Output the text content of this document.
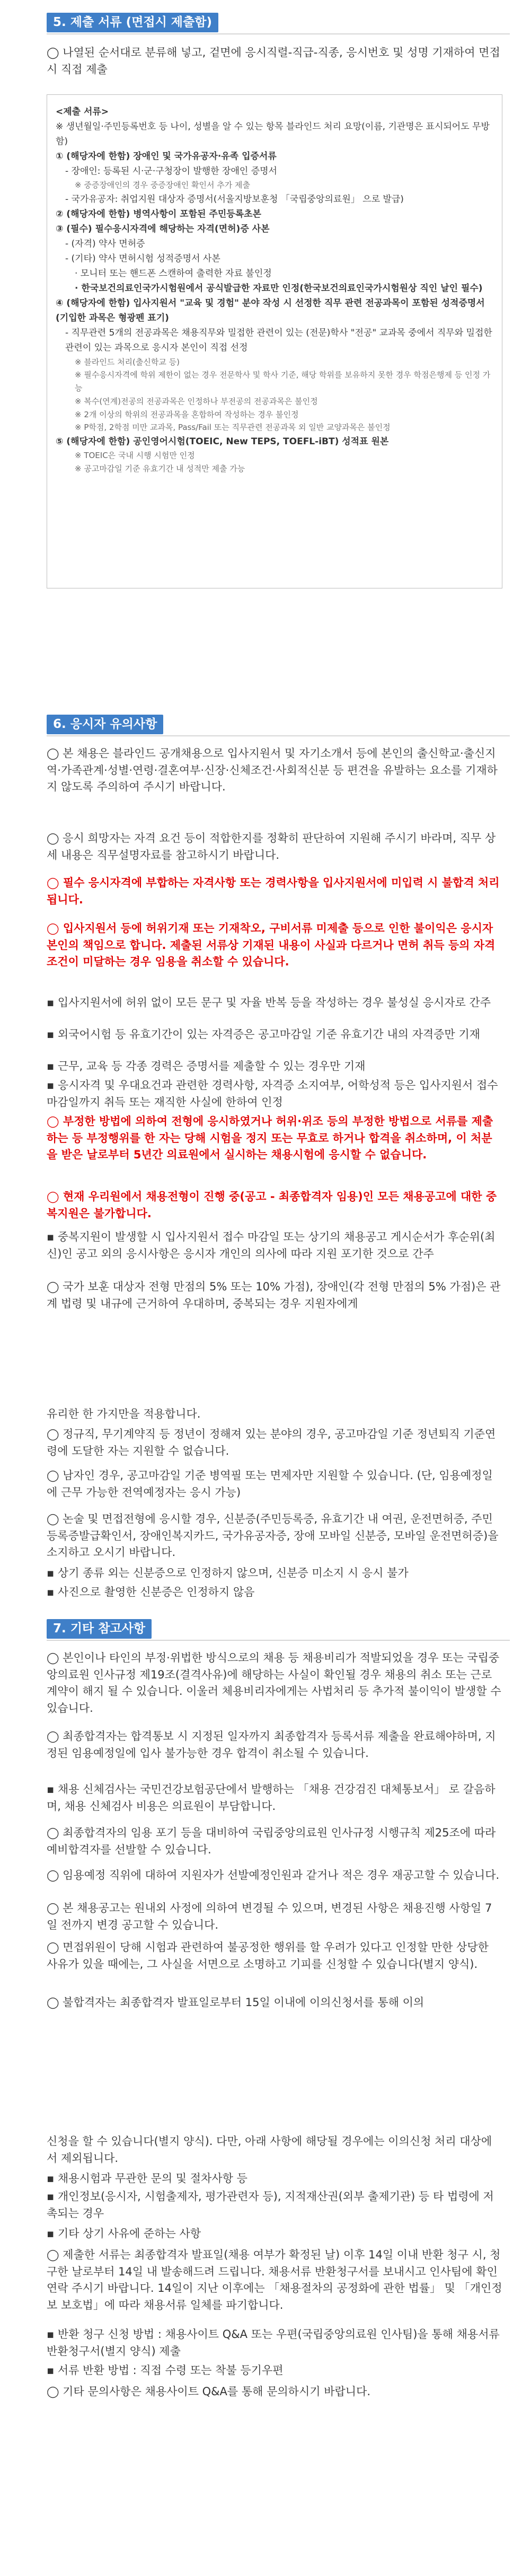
5. 제출 서류 (면접시 제출함)
◯ 나열된 순서대로 분류해 넣고, 겉면에 응시직렬-직급-직종, 응시번호 및 성명 기재하여 면접 시 직접 제출
<제출 서류>
※ 생년월일·주민등록번호 등 나이, 성별을 알 수 있는 항목 블라인드 처리 요망(이름, 기관명은 표시되어도 무방함)
① (해당자에 한함) 장애인 및 국가유공자·유족 입증서류
- 장애인: 등록된 시·군·구청장이 발행한 장애인 증명서
※ 중증장애인의 경우 중증장애인 확인서 추가 제출
- 국가유공자: 취업지원 대상자 증명서(서울지방보훈청 「국립중앙의료원」 으로 발급)
② (해당자에 한함) 병역사항이 포함된 주민등록초본
③ (필수) 필수응시자격에 해당하는 자격(면허)증 사본
- (자격) 약사 면허증
- (기타) 약사 면허시험 성적증명서 사본
· 모니터 또는 핸드폰 스캔하여 출력한 자료 불인정
· 한국보건의료인국가시험원에서 공식발급한 자료만 인정(한국보건의료인국가시험원상 직인 날인 필수)
④ (해당자에 한함) 입사지원서 "교육 및 경험" 분야 작성 시 선정한 직무 관련 전공과목이 포함된 성적증명서(기입한 과목은 형광펜 표기)
- 직무관련 5개의 전공과목은 채용직무와 밀접한 관련이 있는 (전문)학사 "전공" 교과목 중에서 직무와 밀접한 관련이 있는 과목으로 응시자 본인이 직접 선정
※ 블라인드 처리(출신학교 등)
※ 필수응시자격에 학위 제한이 없는 경우 전문학사 및 학사 기준, 해당 학위를 보유하지 못한 경우 학점은행제 등 인정 가능
※ 복수(연계)전공의 전공과목은 인정하나 부전공의 전공과목은 불인정
※ 2개 이상의 학위의 전공과목을 혼합하여 작성하는 경우 불인정
※ P학점, 2학점 미만 교과목, Pass/Fail 또는 직무관련 전공과목 외 일반 교양과목은 불인정
⑤ (해당자에 한함) 공인영어시험(TOEIC, New TEPS, TOEFL-iBT) 성적표 원본
※ TOEIC은 국내 시행 시험만 인정
※ 공고마감일 기준 유효기간 내 성적만 제출 가능
6. 응시자 유의사항
◯ 본 채용은 블라인드 공개채용으로 입사지원서 및 자기소개서 등에 본인의 출신학교·출신지역·가족관계·성별·연령·결혼여부·신장·신체조건·사회적신분 등 편견을 유발하는 요소를 기재하지 않도록 주의하여 주시기 바랍니다.
◯ 응시 희망자는 자격 요건 등이 적합한지를 정확히 판단하여 지원해 주시기 바라며, 직무 상세 내용은 직무설명자료를 참고하시기 바랍니다.
◯ 필수 응시자격에 부합하는 자격사항 또는 경력사항을 입사지원서에 미입력 시 불합격 처리됩니다.
◯ 입사지원서 등에 허위기재 또는 기재착오, 구비서류 미제출 등으로 인한 불이익은 응시자 본인의 책임으로 합니다. 제출된 서류상 기재된 내용이 사실과 다르거나 면허 취득 등의 자격 조건이 미달하는 경우 임용을 취소할 수 있습니다.
▪ 입사지원서에 허위 없이 모든 문구 및 자율 반복 등을 작성하는 경우 불성실 응시자로 간주
▪ 외국어시험 등 유효기간이 있는 자격증은 공고마감일 기준 유효기간 내의 자격증만 기재
▪ 근무, 교육 등 각종 경력은 증명서를 제출할 수 있는 경우만 기재
▪ 응시자격 및 우대요건과 관련한 경력사항, 자격증 소지여부, 어학성적 등은 입사지원서 접수마감일까지 취득 또는 재직한 사실에 한하여 인정
◯ 부정한 방법에 의하여 전형에 응시하였거나 허위·위조 등의 부정한 방법으로 서류를 제출하는 등 부정행위를 한 자는 당해 시험을 정지 또는 무효로 하거나 합격을 취소하며, 이 처분을 받은 날로부터 5년간 의료원에서 실시하는 채용시험에 응시할 수 없습니다.
◯ 현재 우리원에서 채용전형이 진행 중(공고 - 최종합격자 임용)인 모든 채용공고에 대한 중복지원은 불가합니다.
▪ 중복지원이 발생할 시 입사지원서 접수 마감일 또는 상기의 채용공고 게시순서가 후순위(최신)인 공고 외의 응시사항은 응시자 개인의 의사에 따라 지원 포기한 것으로 간주
◯ 국가 보훈 대상자 전형 만점의 5% 또는 10% 가점), 장애인(각 전형 만점의 5% 가점)은 관계 법령 및 내규에 근거하여 우대하며, 중복되는 경우 지원자에게
유리한 한 가지만을 적용합니다.
◯ 정규직, 무기계약직 등 정년이 정해져 있는 분야의 경우, 공고마감일 기준 정년퇴직 기준연령에 도달한 자는 지원할 수 없습니다.
◯ 남자인 경우, 공고마감일 기준 병역필 또는 면제자만 지원할 수 있습니다. (단, 임용예정일에 근무 가능한 전역예정자는 응시 가능)
◯ 논술 및 면접전형에 응시할 경우, 신분증(주민등록증, 유효기간 내 여권, 운전면허증, 주민등록증발급확인서, 장애인복지카드, 국가유공자증, 장애 모바일 신분증, 모바일 운전면허증)을 소지하고 오시기 바랍니다.
▪ 상기 종류 외는 신분증으로 인정하지 않으며, 신분증 미소지 시 응시 불가
▪ 사진으로 촬영한 신분증은 인정하지 않음
7. 기타 참고사항
◯ 본인이나 타인의 부정·위법한 방식으로의 채용 등 채용비리가 적발되었을 경우 또는 국립중앙의료원 인사규정 제19조(결격사유)에 해당하는 사실이 확인될 경우 채용의 취소 또는 근로계약이 해지 될 수 있습니다. 이울러 체용비리자에게는 사법처리 등 추가적 불이익이 발생할 수 있습니다.
◯ 최종합격자는 합격통보 시 지정된 일자까지 최종합격자 등록서류 제출을 완료해야하며, 지정된 임용예정일에 입사 불가능한 경우 합격이 취소될 수 있습니다.
▪ 채용 신체검사는 국민건강보험공단에서 발행하는 「채용 건강검진 대체통보서」 로 갈음하며, 채용 신체검사 비용은 의료원이 부담합니다.
◯ 최종합격자의 임용 포기 등을 대비하여 국립중앙의료원 인사규정 시행규칙 제25조에 따라 예비합격자를 선발할 수 있습니다.
◯ 임용예정 직위에 대하여 지원자가 선발예정인원과 같거나 적은 경우 재공고할 수 있습니다.
◯ 본 채용공고는 원내외 사정에 의하여 변경될 수 있으며, 변경된 사항은 채용진행 사항일 7일 전까지 변경 공고할 수 있습니다.
◯ 면접위원이 당해 시험과 관련하여 불공정한 행위를 할 우려가 있다고 인정할 만한 상당한 사유가 있을 때에는, 그 사실을 서면으로 소명하고 기피를 신청할 수 있습니다(별지 양식).
◯ 불합격자는 최종합격자 발표일로부터 15일 이내에 이의신청서를 통해 이의
신청을 할 수 있습니다(별지 양식). 다만, 아래 사항에 해당될 경우에는 이의신청 처리 대상에서 제외됩니다.
▪ 채용시험과 무관한 문의 및 절차사항 등
▪ 개인정보(응시자, 시험출제자, 평가관련자 등), 지적재산권(외부 출제기관) 등 타 법령에 저촉되는 경우
▪ 기타 상기 사유에 준하는 사항
◯ 제출한 서류는 최종합격자 발표일(채용 여부가 확정된 날) 이후 14일 이내 반환 청구 시, 청구한 날로부터 14일 내 발송해드려 드립니다. 채용서류 반환청구서를 보내시고 인사팀에 확인 연락 주시기 바랍니다. 14일이 지난 이후에는 「채용절차의 공정화에 관한 법률」 및 「개인정보 보호법」에 따라 채용서류 일체를 파기합니다.
▪ 반환 청구 신청 방법 : 채용사이트 Q&A 또는 우편(국립중앙의료원 인사팀)을 통해 채용서류 반환청구서(별지 양식) 제출
▪ 서류 반환 방법 : 직접 수령 또는 착불 등기우편
◯ 기타 문의사항은 채용사이트 Q&A를 통해 문의하시기 바랍니다.
